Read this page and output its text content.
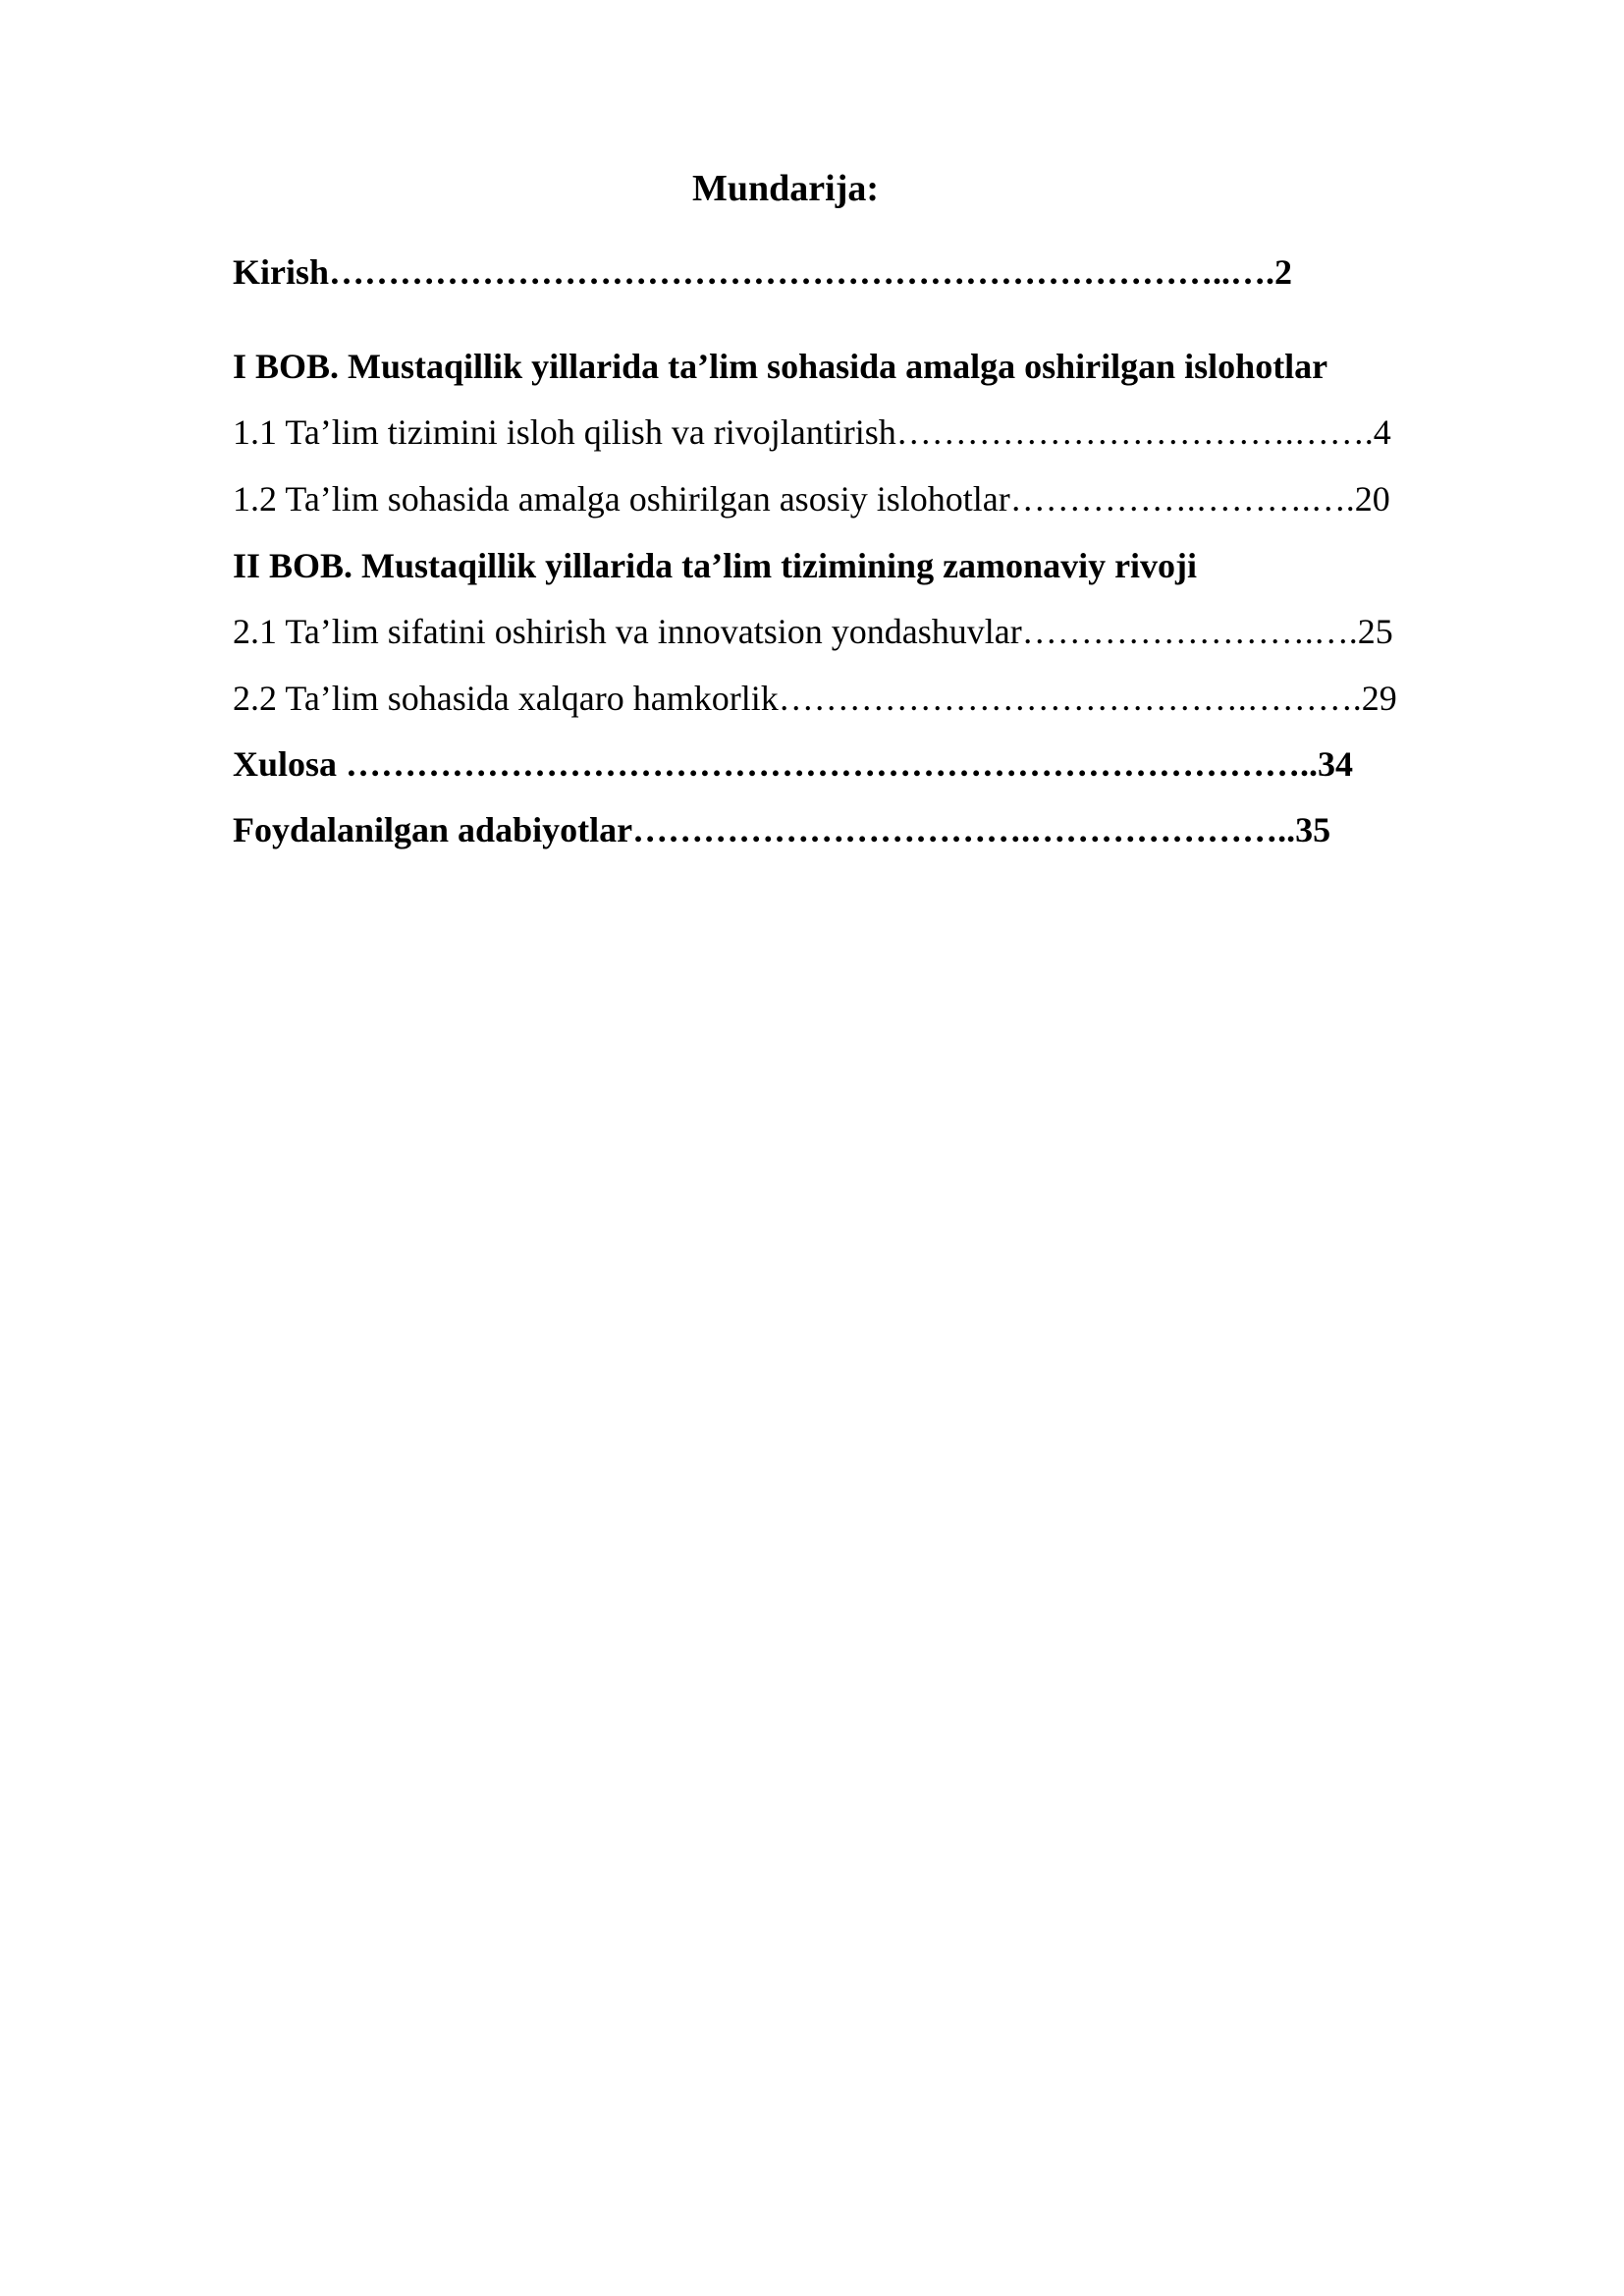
Mundarija:
Kirish…………………………………………………………………..….2
I BOB. Mustaqillik yillarida ta’lim sohasida amalga oshirilgan islohotlar
1.1 Ta’lim tizimini isloh qilish va rivojlantirish…………………………….…….4
1.2 Ta’lim sohasida amalga oshirilgan asosiy islohotlar…………….……….….20
II BOB. Mustaqillik yillarida ta’lim tizimining zamonaviy rivoji
2.1 Ta’lim sifatini oshirish va innovatsion yondashuvlar…………………….….25
2.2 Ta’lim sohasida xalqaro hamkorlik………………………………….……….29
Xulosa ………………………………………………………………………..34
Foydalanilgan adabiyotlar…………………………….…………………..35
